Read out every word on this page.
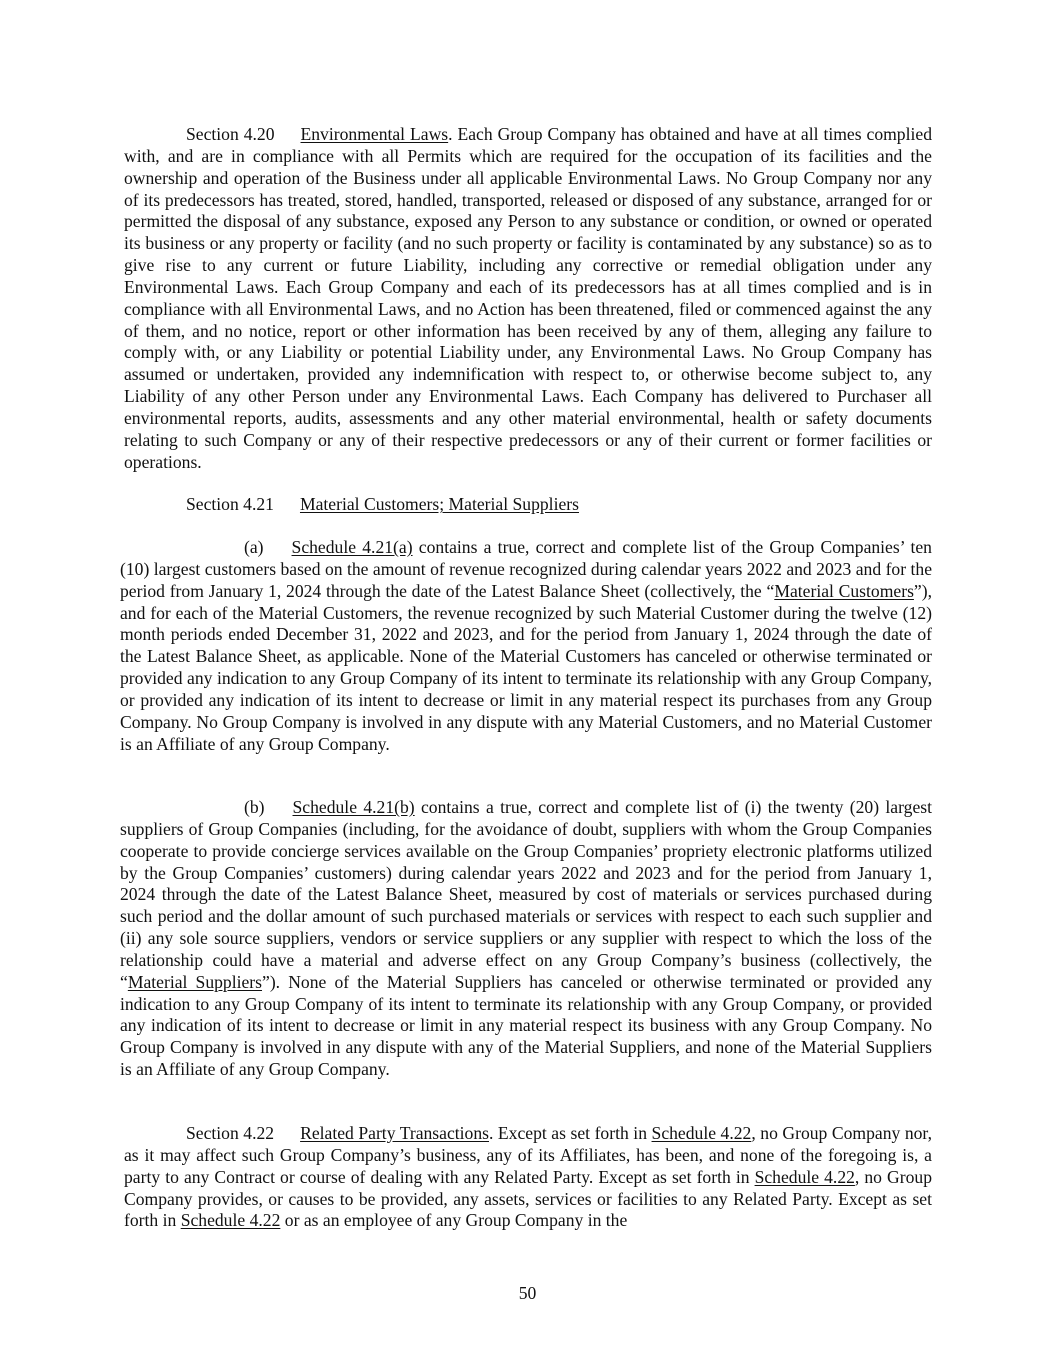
Section 4.20 Environmental Laws. Each Group Company has obtained and have at all times complied with, and are in compliance with all Permits which are required for the occupation of its facilities and the ownership and operation of the Business under all applicable Environmental Laws. No Group Company nor any of its predecessors has treated, stored, handled, transported, released or disposed of any substance, arranged for or permitted the disposal of any substance, exposed any Person to any substance or condition, or owned or operated its business or any property or facility (and no such property or facility is contaminated by any substance) so as to give rise to any current or future Liability, including any corrective or remedial obligation under any Environmental Laws. Each Group Company and each of its predecessors has at all times complied and is in compliance with all Environmental Laws, and no Action has been threatened, filed or commenced against the any of them, and no notice, report or other information has been received by any of them, alleging any failure to comply with, or any Liability or potential Liability under, any Environmental Laws. No Group Company has assumed or undertaken, provided any indemnification with respect to, or otherwise become subject to, any Liability of any other Person under any Environmental Laws. Each Company has delivered to Purchaser all environmental reports, audits, assessments and any other material environmental, health or safety documents relating to such Company or any of their respective predecessors or any of their current or former facilities or operations.

Section 4.21 Material Customers; Material Suppliers

(a) Schedule 4.21(a) contains a true, correct and complete list of the Group Companies’ ten (10) largest customers based on the amount of revenue recognized during calendar years 2022 and 2023 and for the period from January 1, 2024 through the date of the Latest Balance Sheet (collectively, the “Material Customers”), and for each of the Material Customers, the revenue recognized by such Material Customer during the twelve (12) month periods ended December 31, 2022 and 2023, and for the period from January 1, 2024 through the date of the Latest Balance Sheet, as applicable. None of the Material Customers has canceled or otherwise terminated or provided any indication to any Group Company of its intent to terminate its relationship with any Group Company, or provided any indication of its intent to decrease or limit in any material respect its purchases from any Group Company. No Group Company is involved in any dispute with any Material Customers, and no Material Customer is an Affiliate of any Group Company.

(b) Schedule 4.21(b) contains a true, correct and complete list of (i) the twenty (20) largest suppliers of Group Companies (including, for the avoidance of doubt, suppliers with whom the Group Companies cooperate to provide concierge services available on the Group Companies’ propriety electronic platforms utilized by the Group Companies’ customers) during calendar years 2022 and 2023 and for the period from January 1, 2024 through the date of the Latest Balance Sheet, measured by cost of materials or services purchased during such period and the dollar amount of such purchased materials or services with respect to each such supplier and (ii) any sole source suppliers, vendors or service suppliers or any supplier with respect to which the loss of the relationship could have a material and adverse effect on any Group Company’s business (collectively, the “Material Suppliers”). None of the Material Suppliers has canceled or otherwise terminated or provided any indication to any Group Company of its intent to terminate its relationship with any Group Company, or provided any indication of its intent to decrease or limit in any material respect its business with any Group Company. No Group Company is involved in any dispute with any of the Material Suppliers, and none of the Material Suppliers is an Affiliate of any Group Company.

Section 4.22 Related Party Transactions. Except as set forth in Schedule 4.22, no Group Company nor, as it may affect such Group Company’s business, any of its Affiliates, has been, and none of the foregoing is, a party to any Contract or course of dealing with any Related Party. Except as set forth in Schedule 4.22, no Group Company provides, or causes to be provided, any assets, services or facilities to any Related Party. Except as set forth in Schedule 4.22 or as an employee of any Group Company in the

50
